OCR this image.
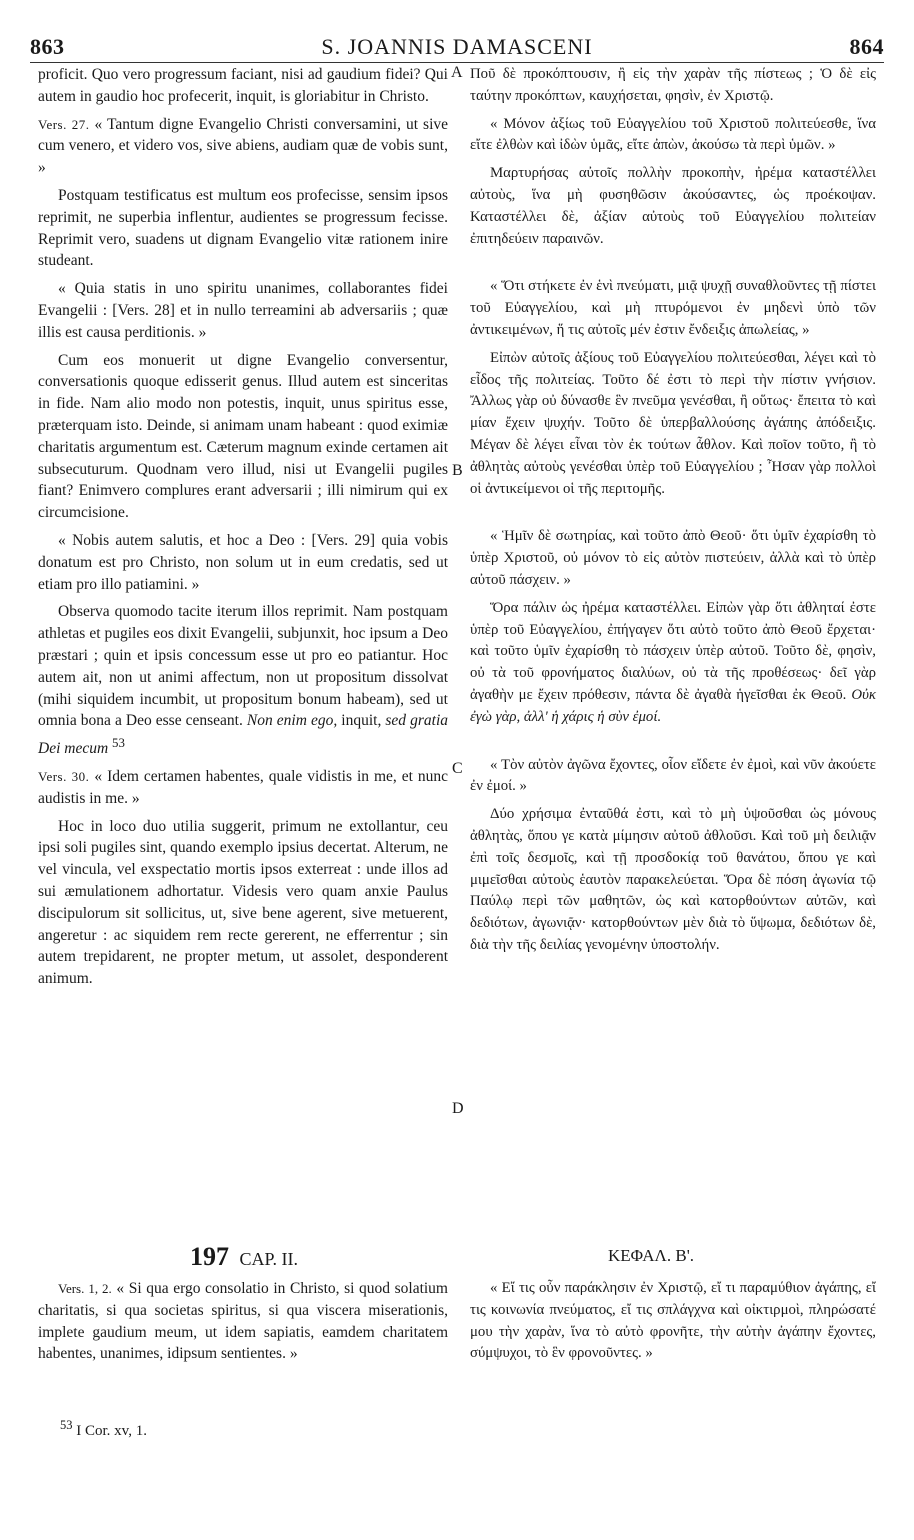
863	S. JOANNIS DAMASCENI	864
A
B
C
D

proficit. Quo vero progressum faciant, nisi ad gaudium fidei? Qui autem in gaudio hoc profecerit, inquit, is gloriabitur in Christo.

Vers. 27. « Tantum digne Evangelio Christi conversamini, ut sive cum venero, et videro vos, sive abiens, audiam quæ de vobis sunt, »

Postquam testificatus est multum eos profecisse, sensim ipsos reprimit, ne superbia inflentur, audientes se progressum fecisse. Reprimit vero, suadens ut dignam Evangelio vitæ rationem inire studeant.

« Quia statis in uno spiritu unanimes, collaborantes fidei Evangelii : [Vers. 28] et in nullo terreamini ab adversariis ; quæ illis est causa perditionis. »

Cum eos monuerit ut digne Evangelio conversentur, conversationis quoque edisserit genus. Illud autem est sinceritas in fide. Nam alio modo non potestis, inquit, unus spiritus esse, præterquam isto. Deinde, si animam unam habeant : quod eximiæ charitatis argumentum est. Cæterum magnum exinde certamen ait subsecuturum. Quodnam vero illud, nisi ut Evangelii pugiles fiant? Enimvero complures erant adversarii ; illi nimirum qui ex circumcisione.

« Nobis autem salutis, et hoc a Deo : [Vers. 29] quia vobis donatum est pro Christo, non solum ut in eum credatis, sed ut etiam pro illo patiamini. »

Observa quomodo tacite iterum illos reprimit. Nam postquam athletas et pugiles eos dixit Evangelii, subjunxit, hoc ipsum a Deo præstari ; quin et ipsis concessum esse ut pro eo patiantur. Hoc autem ait, non ut animi affectum, non ut propositum dissolvat (mihi siquidem incumbit, ut propositum bonum habeam), sed ut omnia bona a Deo esse censeant. Non enim ego, inquit, sed gratia Dei mecum $^{53}$

Vers. 30. « Idem certamen habentes, quale vidistis in me, et nunc audistis in me. »

Hoc in loco duo utilia suggerit, primum ne extollantur, ceu ipsi soli pugiles sint, quando exemplo ipsius decertat. Alterum, ne vel vincula, vel exspectatio mortis ipsos exterreat : unde illos ad sui æmulationem adhortatur. Videsis vero quam anxie Paulus discipulorum sit sollicitus, ut, sive bene agerent, sive metuerent, angeretur : ac siquidem rem recte gererent, ne efferrentur ; sin autem trepidarent, ne propter metum, ut assolet, desponderent animum.

Ποῦ δὲ προκόπτουσιν, ἢ εἰς τὴν χαρὰν τῆς πίστεως ; Ὁ δὲ εἰς ταύτην προκόπτων, καυχήσεται, φησὶν, ἐν Χριστῷ.

« Μόνον ἀξίως τοῦ Εὐαγγελίου τοῦ Χριστοῦ πολιτεύεσθε, ἵνα εἴτε ἐλθὼν καὶ ἰδὼν ὑμᾶς, εἴτε ἀπὼν, ἀκούσω τὰ περὶ ὑμῶν. »

Μαρτυρήσας αὐτοῖς πολλὴν προκοπὴν, ἠρέμα καταστέλλει αὐτοὺς, ἵνα μὴ φυσηθῶσιν ἀκούσαντες, ὡς προέκοψαν. Καταστέλλει δὲ, ἀξίαν αὐτοὺς τοῦ Εὐαγγελίου πολιτείαν ἐπιτηδεύειν παραινῶν.

« Ὅτι στήκετε ἐν ἑνὶ πνεύματι, μιᾷ ψυχῇ συναθλοῦντες τῇ πίστει τοῦ Εὐαγγελίου, καὶ μὴ πτυρόμενοι ἐν μηδενὶ ὑπὸ τῶν ἀντικειμένων, ἥ τις αὐτοῖς μέν ἐστιν ἔνδειξις ἀπωλείας, »

Εἰπὼν αὐτοῖς ἀξίους τοῦ Εὐαγγελίου πολιτεύεσθαι, λέγει καὶ τὸ εἶδος τῆς πολιτείας. Τοῦτο δέ ἐστι τὸ περὶ τὴν πίστιν γνήσιον. Ἄλλως γὰρ οὐ δύνασθε ἓν πνεῦμα γενέσθαι, ἢ οὕτως· ἔπειτα τὸ καὶ μίαν ἔχειν ψυχήν. Τοῦτο δὲ ὑπερβαλλούσης ἀγάπης ἀπόδειξις. Μέγαν δὲ λέγει εἶναι τὸν ἐκ τούτων ἆθλον. Καὶ ποῖον τοῦτο, ἢ τὸ ἀθλητὰς αὐτοὺς γενέσθαι ὑπὲρ τοῦ Εὐαγγελίου ; Ἦσαν γὰρ πολλοὶ οἱ ἀντικείμενοι οἱ τῆς περιτομῆς.

« Ἡμῖν δὲ σωτηρίας, καὶ τοῦτο ἀπὸ Θεοῦ· ὅτι ὑμῖν ἐχαρίσθη τὸ ὑπὲρ Χριστοῦ, οὐ μόνον τὸ εἰς αὐτὸν πιστεύειν, ἀλλὰ καὶ τὸ ὑπὲρ αὐτοῦ πάσχειν. »

Ὅρα πάλιν ὡς ἠρέμα καταστέλλει. Εἰπὼν γὰρ ὅτι ἀθληταί ἐστε ὑπὲρ τοῦ Εὐαγγελίου, ἐπήγαγεν ὅτι αὐτὸ τοῦτο ἀπὸ Θεοῦ ἔρχεται· καὶ τοῦτο ὑμῖν ἐχαρίσθη τὸ πάσχειν ὑπὲρ αὐτοῦ. Τοῦτο δὲ, φησὶν, οὐ τὰ τοῦ φρονήματος διαλύων, οὐ τὰ τῆς προθέσεως· δεῖ γὰρ ἀγαθὴν με ἔχειν πρόθεσιν, πάντα δὲ ἀγαθὰ ἡγεῖσθαι ἐκ Θεοῦ. Οὐκ ἐγὼ γὰρ, ἀλλ' ἡ χάρις ἡ σὺν ἐμοί.

« Τὸν αὐτὸν ἀγῶνα ἔχοντες, οἷον εἴδετε ἐν ἐμοὶ, καὶ νῦν ἀκούετε ἐν ἐμοί. »

Δύο χρήσιμα ἐνταῦθά ἐστι, καὶ τὸ μὴ ὑψοῦσθαι ὡς μόνους ἀθλητὰς, ὅπου γε κατὰ μίμησιν αὐτοῦ ἀθλοῦσι. Καὶ τοῦ μὴ δειλιᾷν ἐπὶ τοῖς δεσμοῖς, καὶ τῇ προσδοκίᾳ τοῦ θανάτου, ὅπου γε καὶ μιμεῖσθαι αὐτοὺς ἑαυτὸν παρακελεύεται. Ὅρα δὲ πόση ἀγωνία τῷ Παύλῳ περὶ τῶν μαθητῶν, ὡς καὶ κατορθούντων αὐτῶν, καὶ δεδιότων, ἀγωνιᾷν· κατορθούντων μὲν διὰ τὸ ὕψωμα, δεδιότων δὲ, διὰ τὴν τῆς δειλίας γενομένην ὑποστολήν.

197 CAP. II.	ΚΕΦΑΛ. Β'.

Vers. 1, 2. « Si qua ergo consolatio in Christo, si quod solatium charitatis, si qua societas spiritus, si qua viscera miserationis, implete gaudium meum, ut idem sapiatis, eamdem charitatem habentes, unanimes, idipsum sentientes. »

« Εἴ τις οὖν παράκλησιν ἐν Χριστῷ, εἴ τι παραμύθιον ἀγάπης, εἴ τις κοινωνία πνεύματος, εἴ τις σπλάγχνα καὶ οἰκτιρμοὶ, πληρώσατέ μου τὴν χαρὰν, ἵνα τὸ αὐτὸ φρονῆτε, τὴν αὐτὴν ἀγάπην ἔχοντες, σύμψυχοι, τὸ ἓν φρονοῦντες. »

$^{53}$ I Cor. xv, 1.
